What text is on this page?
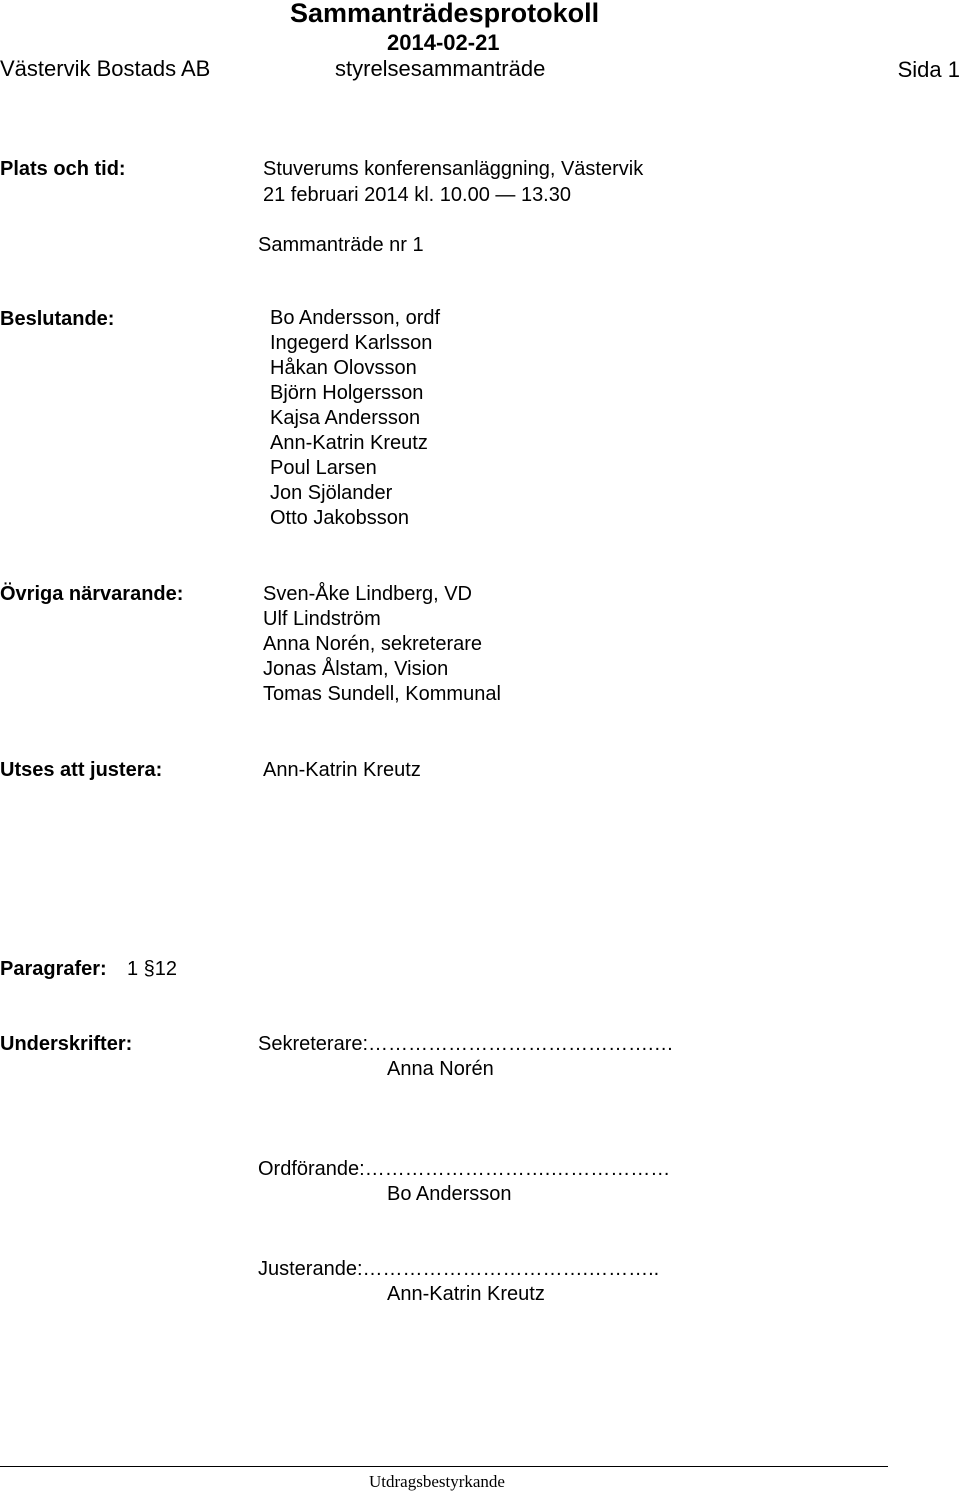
Sammanträdesprotokoll
2014-02-21
Västervik Bostads AB	styrelsesammanträde	Sida 1
Plats och tid:	Stuverums konferensanläggning, Västervik
21 februari 2014 kl. 10.00 — 13.30
Sammanträde nr 1
Beslutande:	Bo Andersson, ordf
Ingegerd Karlsson
Håkan Olovsson
Björn Holgersson
Kajsa Andersson
Ann-Katrin Kreutz
Poul Larsen
Jon Sjölander
Otto Jakobsson
Övriga närvarande:	Sven-Åke Lindberg, VD
Ulf Lindström
Anna Norén, sekreterare
Jonas Ålstam, Vision
Tomas Sundell, Kommunal
Utses att justera:	Ann-Katrin Kreutz
Paragrafer: 1 §12
Underskrifter:	Sekreterare:…………………………………….…
Anna Norén
Ordförande:……………………….………………
Bo Andersson
Justerande:…………………………….………..
Ann-Katrin Kreutz
Utdragsbestyrkande
